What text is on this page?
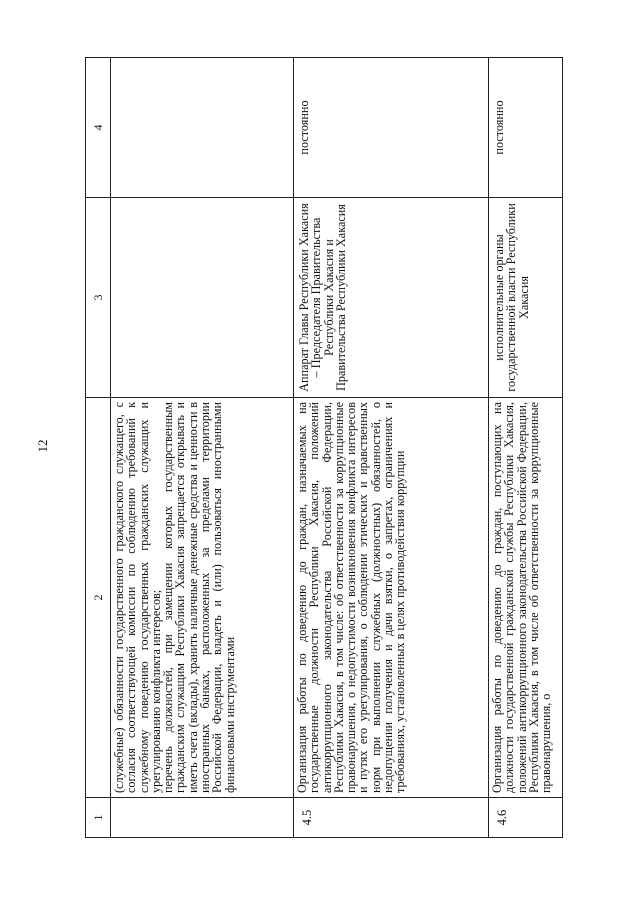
12
1	2	3	4

	(служебные) обязанности государственного гражданского служащего, с согласия соответствующей комиссии по соблюдению требований к служебному поведению государственных гражданских служащих и урегулированию конфликта интересов;

перечень должностей, при замещении которых государственным гражданским служащим Республики Хакасия запрещается открывать и иметь счета (вклады), хранить наличные денежные средства и ценности в иностранных банках, расположенных за пределами территории Российской Федерации, владеть и (или) пользоваться иностранными финансовыми инструментами		

4.5	Организация работы по доведению до граждан, назначаемых на государственные должности Республики Хакасия, положений антикоррупционного законодательства Российской Федерации, Республики Хакасия, в том числе: об ответственности за коррупционные правонарушения, о недопустимости возникновения конфликта интересов и путях его урегулирования, о соблюдении этических и нравственных норм при выполнении служебных (должностных) обязанностей, о недопущении получения и дачи взятки, о запретах, ограничениях и требованиях, установленных в целях противодействия коррупции	Аппарат Главы Республики Хакасия – Председателя Правительства Республики Хакасия и Правительства Республики Хакасия	постоянно
4.6	Организация работы по доведению до граждан, поступающих на должности государственной гражданской службы Республики Хакасия, положений антикоррупционного законодательства Российской Федерации, Республики Хакасия, в том числе об ответственности за коррупционные правонарушения, о	исполнительные органы государственной власти Республики Хакасия	постоянно
